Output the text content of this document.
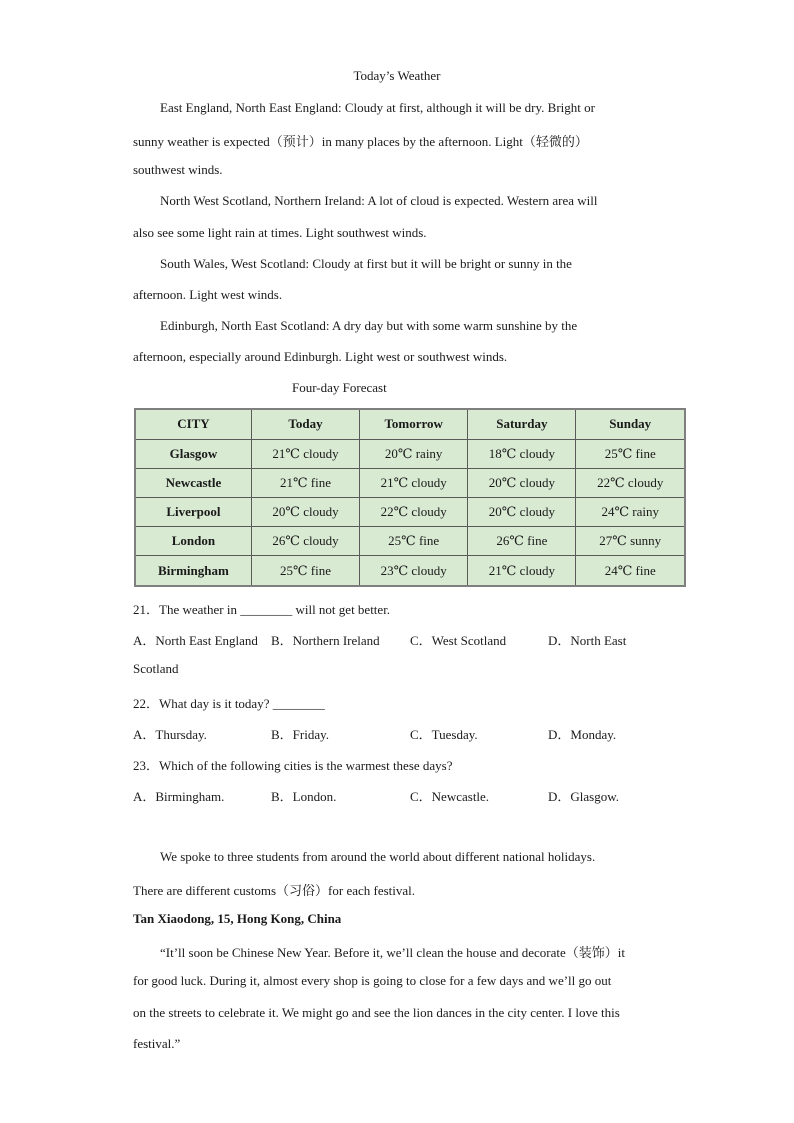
Today’s Weather
East England, North East England: Cloudy at first, although it will be dry. Bright or
sunny weather is expected（预计）in many places by the afternoon. Light（轻微的）
southwest winds.
North West Scotland, Northern Ireland: A lot of cloud is expected. Western area will
also see some light rain at times. Light southwest winds.
South Wales, West Scotland: Cloudy at first but it will be bright or sunny in the
afternoon. Light west winds.
Edinburgh, North East Scotland: A dry day but with some warm sunshine by the
afternoon, especially around Edinburgh. Light west or southwest winds.
Four-day Forecast
CITY	Today	Tomorrow	Saturday	Sunday
Glasgow	21℃ cloudy	20℃ rainy	18℃ cloudy	25℃ fine
Newcastle	21℃ fine	21℃ cloudy	20℃ cloudy	22℃ cloudy
Liverpool	20℃ cloudy	22℃ cloudy	20℃ cloudy	24℃ rainy
London	26℃ cloudy	25℃ fine	26℃ fine	27℃ sunny
Birmingham	25℃ fine	23℃ cloudy	21℃ cloudy	24℃ fine
21．The weather in ________ will not get better.
A．North East England B．Northern Ireland C．West Scotland	D．North East
Scotland
22．What day is it today? ________
A．Thursday.	B．Friday.	C．Tuesday.	D．Monday.
23．Which of the following cities is the warmest these days?
A．Birmingham.	B．London.	C．Newcastle.	D．Glasgow.
We spoke to three students from around the world about different national holidays.
There are different customs（习俗）for each festival.
Tan Xiaodong, 15, Hong Kong, China
“It’ll soon be Chinese New Year. Before it, we’ll clean the house and decorate（装饰）it
for good luck. During it, almost every shop is going to close for a few days and we’ll go out
on the streets to celebrate it. We might go and see the lion dances in the city center. I love this
festival.”
